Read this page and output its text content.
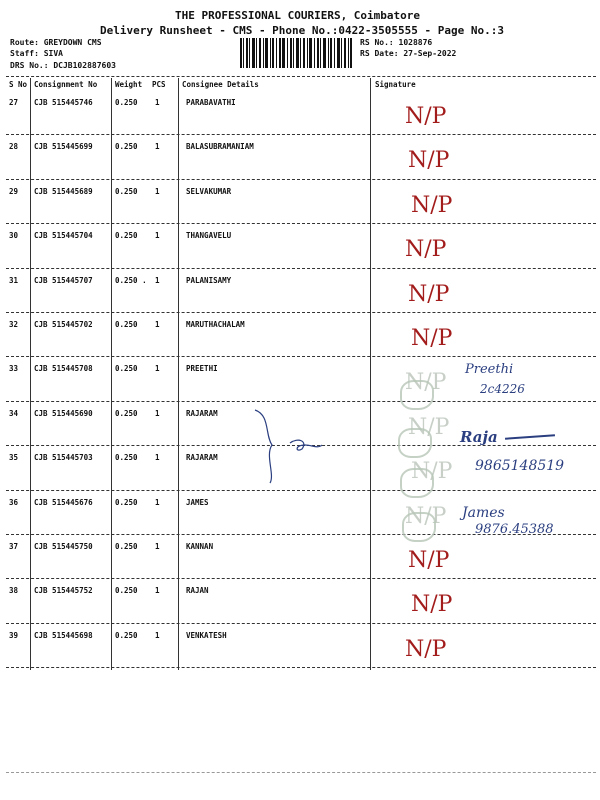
THE PROFESSIONAL COURIERS, Coimbatore
Delivery Runsheet - CMS - Phone No.:0422-3505555 - Page No.:3
Route: GREYDOWN CMS
Staff: SIVA
DRS No.: DCJB102887603
RS No.: 1028876
RS Date: 27-Sep-2022
S No Consignment No Weight PCS Consignee Details	Signature
27 CJB 515445746	0.250 1	PARABAVATHI
N/P
28 CJB 515445699	0.250 1	BALASUBRAMANIAM
N/P
29 CJB 515445689	0.250 1	SELVAKUMAR
N/P
30 CJB 515445704	0.250 1	THANGAVELU
N/P
31 CJB 515445707	0.250 . 1	PALANISAMY
N/P
32 CJB 515445702	0.250 1	MARUTHACHALAM
N/P
33 CJB 515445708	0.250 1	PREETHI
N/P
34 CJB 515445690	0.250 1	RAJARAM
N/P
35 CJB 515445703	0.250 1	RAJARAM
N/P
36 CJB 515445676	0.250 1	JAMES
N/P
37 CJB 515445750	0.250 1	KANNAN
N/P
38 CJB 515445752	0.250 1	RAJAN
N/P
39 CJB 515445698	0.250 1	VENKATESH
N/P
Preethi
2c4226
Raja
9865148519
James
9876.45388
